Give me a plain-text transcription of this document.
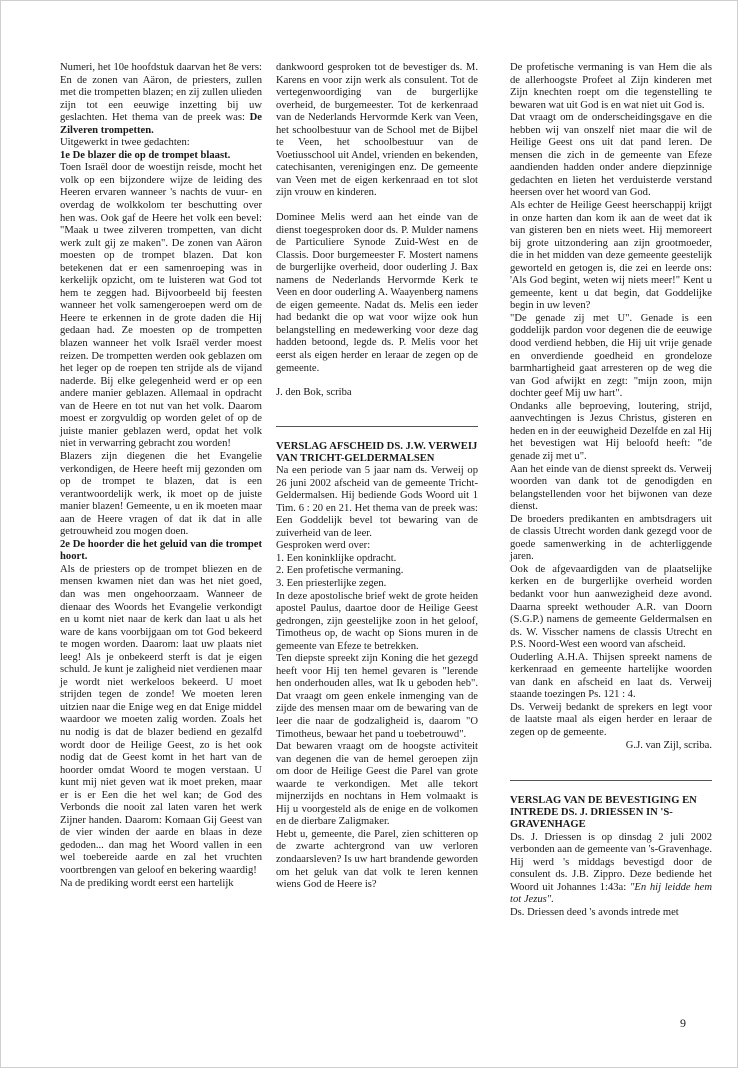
Numeri, het 10e hoofdstuk daarvan het 8e vers: En de zonen van Aäron, de priesters, zullen met die trompetten blazen; en zij zullen ulieden zijn tot een eeuwige inzetting bij uw geslachten. Het thema van de preek was: De Zilveren trompetten.

Uitgewerkt in twee gedachten:

1e De blazer die op de trompet blaast.

Toen Israël door de woestijn reisde, mocht het volk op een bijzondere wijze de leiding des Heeren ervaren wanneer 's nachts de vuur- en overdag de wolkkolom ter beschutting over hen was. Ook gaf de Heere het volk een bevel: "Maak u twee zilveren trompetten, van dicht werk zult gij ze maken". De zonen van Aäron moesten op de trompet blazen. Dat kon betekenen dat er een samenroeping was in kerkelijk opzicht, om te luisteren wat God tot hem te zeggen had. Bijvoorbeeld bij feesten wanneer het volk samengeroepen werd om de Heere te erkennen in de grote daden die Hij gedaan had. Ze moesten op de trompetten blazen wanneer het volk Israël verder moest reizen. De trompetten werden ook geblazen om het leger op de roepen ten strijde als de vijand naderde. Bij elke gelegenheid werd er op een andere manier geblazen. Allemaal in opdracht van de Heere en tot nut van het volk. Daarom moest er zorgvuldig op worden gelet of op de juiste manier geblazen werd, opdat het volk niet in verwarring gebracht zou worden!

Blazers zijn diegenen die het Evangelie verkondigen, de Heere heeft mij gezonden om op de trompet te blazen, dat is een verantwoordelijk werk, ik moet op de juiste manier blazen! Gemeente, u en ik moeten maar aan de Heere vragen of dat ik dat in alle getrouwheid zou mogen doen.

2e De hoorder die het geluid van die trompet hoort.

Als de priesters op de trompet bliezen en de mensen kwamen niet dan was het niet goed, dan was men ongehoorzaam. Wanneer de dienaar des Woords het Evangelie verkondigt en u komt niet naar de kerk dan laat u als het ware de kans voorbijgaan om tot God bekeerd te mogen worden. Daarom: laat uw plaats niet leeg! Als je onbekeerd sterft is dat je eigen schuld. Je kunt je zaligheid niet verdienen maar je wordt niet werkeloos bekeerd. U moet strijden tegen de zonde! We moeten leren uitzien naar die Enige weg en dat Enige middel waardoor we moeten zalig worden. Zoals het nu nodig is dat de blazer bediend en gezalfd wordt door de Heilige Geest, zo is het ook nodig dat de Geest komt in het hart van de hoorder omdat Woord te mogen verstaan. U kunt mij niet geven wat ik moet preken, maar er is er Een die het wel kan; de God des Verbonds die nooit zal laten varen het werk Zijner handen. Daarom: Komaan Gij Geest van de vier winden der aarde en blaas in deze gedoden... dan mag het Woord vallen in een wel toebereide aarde en zal het vruchten voortbrengen van geloof en bekering waardig!

Na de prediking wordt eerst een hartelijk

dankwoord gesproken tot de bevestiger ds. M. Karens en voor zijn werk als consulent. Tot de vertegenwoordiging van de burgerlijke overheid, de burgemeester. Tot de kerkenraad van de Nederlands Hervormde Kerk van Veen, het schoolbestuur van de School met de Bijbel te Veen, het schoolbestuur van de Voetiusschool uit Andel, vrienden en bekenden, catechisanten, verenigingen enz. De gemeente van Veen met de eigen kerkenraad en tot slot zijn vrouw en kinderen.

Dominee Melis werd aan het einde van de dienst toegesproken door ds. P. Mulder namens de Particuliere Synode Zuid-West en de Classis. Door burgemeester F. Mostert namens de burgerlijke overheid, door ouderling J. Bax namens de Nederlands Hervormde Kerk te Veen en door ouderling A. Waayenberg namens de eigen gemeente. Nadat ds. Melis een ieder had bedankt die op wat voor wijze ook hun belangstelling en medewerking voor deze dag hadden betoond, legde ds. P. Melis voor het eerst als eigen herder en leraar de zegen op de gemeente.

J. den Bok, scriba

VERSLAG AFSCHEID DS. J.W. VERWEIJ VAN TRICHT-GELDERMALSEN

Na een periode van 5 jaar nam ds. Verweij op 26 juni 2002 afscheid van de gemeente Tricht-Geldermalsen. Hij bediende Gods Woord uit 1 Tim. 6 : 20 en 21. Het thema van de preek was: Een Goddelijk bevel tot bewaring van de zuiverheid van de leer.

Gesproken werd over:

1. Een koninklijke opdracht.

2. Een profetische vermaning.

3. Een priesterlijke zegen.

In deze apostolische brief wekt de grote heiden apostel Paulus, daartoe door de Heilige Geest gedrongen, zijn geestelijke zoon in het geloof, Timotheus op, de wacht op Sions muren in de gemeente van Efeze te betrekken.

Ten diepste spreekt zijn Koning die het gezegd heeft voor Hij ten hemel gevaren is "lerende hen onderhouden alles, wat Ik u geboden heb". Dat vraagt om geen enkele inmenging van de zijde des mensen maar om de bewaring van de leer die naar de godzaligheid is, daarom "O Timotheus, bewaar het pand u toebetrouwd".

Dat bewaren vraagt om de hoogste activiteit van degenen die van de hemel geroepen zijn om door de Heilige Geest die Parel van grote waarde te verkondigen. Met alle tekort mijnerzijds en nochtans in Hem volmaakt is Hij u voorgesteld als de enige en de volkomen en de dierbare Zaligmaker.

Hebt u, gemeente, die Parel, zien schitteren op de zwarte achtergrond van uw verloren zondaarsleven? Is uw hart brandende geworden om het geluk van dat volk te leren kennen wiens God de Heere is?

De profetische vermaning is van Hem die als de allerhoogste Profeet al Zijn kinderen met Zijn knechten roept om die tegenstelling te bewaren wat uit God is en wat niet uit God is.

Dat vraagt om de onderscheidingsgave en die hebben wij van onszelf niet maar die wil de Heilige Geest ons uit dat pand leren. De mensen die zich in de gemeente van Efeze aandienden hadden onder andere diepzinnige gedachten en lieten het verduisterde verstand heersen over het woord van God.

Als echter de Heilige Geest heerschappij krijgt in onze harten dan kom ik aan de weet dat ik van gisteren ben en niets weet. Hij memoreert bij grote uitzondering aan zijn grootmoeder, die in het midden van deze gemeente geestelijk geworteld en getogen is, die zei en leerde ons: 'Als God begint, weten wij niets meer!" Kent u gemeente, kent u dat begin, dat Goddelijke begin in uw leven?

"De genade zij met U". Genade is een goddelijk pardon voor degenen die de eeuwige dood verdiend hebben, die Hij uit vrije genade en onverdiende goedheid en grondeloze barmhartigheid gaat arresteren op de weg die van God afwijkt en zegt: "mijn zoon, mijn dochter geef Mij uw hart".

Ondanks alle beproeving, loutering, strijd, aanvechtingen is Jezus Christus, gisteren en heden en in der eeuwigheid Dezelfde en zal Hij het bevestigen wat Hij beloofd heeft: "de genade zij met u".

Aan het einde van de dienst spreekt ds. Verweij woorden van dank tot de genodigden en belangstellenden voor het bijwonen van deze dienst.

De broeders predikanten en ambtsdragers uit de classis Utrecht worden dank gezegd voor de goede samenwerking in de achterliggende jaren.

Ook de afgevaardigden van de plaatselijke kerken en de burgerlijke overheid worden bedankt voor hun aanwezigheid deze avond. Daarna spreekt wethouder A.R. van Doorn (S.G.P.) namens de gemeente Geldermalsen en ds. W. Visscher namens de classis Utrecht en P.S. Noord-West een woord van afscheid.

Ouderling A.H.A. Thijsen spreekt namens de kerkenraad en gemeente hartelijke woorden van dank en afscheid en laat ds. Verweij staande toezingen Ps. 121 : 4.

Ds. Verweij bedankt de sprekers en legt voor de laatste maal als eigen herder en leraar de zegen op de gemeente.

G.J. van Zijl, scriba.

VERSLAG VAN DE BEVESTIGING EN INTREDE DS. J. DRIESSEN IN 'S-GRAVENHAGE

Ds. J. Driessen is op dinsdag 2 juli 2002 verbonden aan de gemeente van 's-Gravenhage. Hij werd 's middags bevestigd door de consulent ds. J.B. Zippro. Deze bediende het Woord uit Johannes 1:43a: "En hij leidde hem tot Jezus".

Ds. Driessen deed 's avonds intrede met

9
